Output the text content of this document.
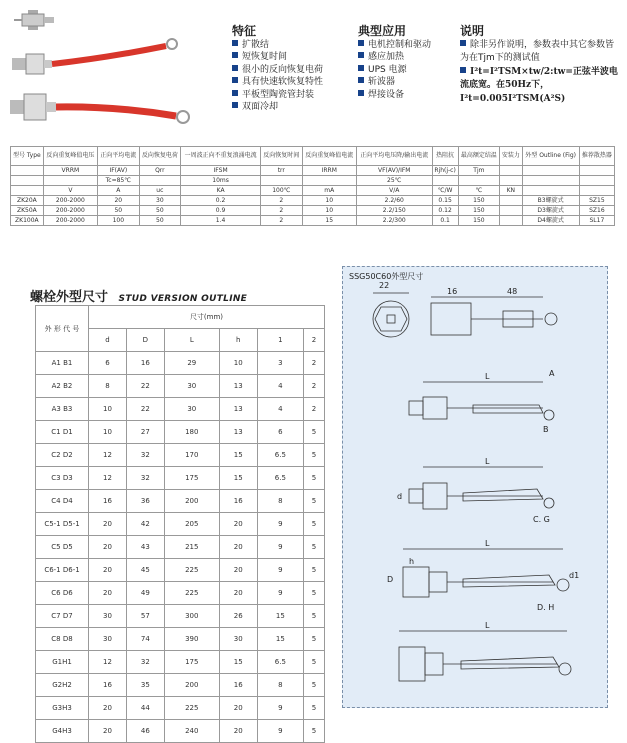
特征
扩散结
短恢复时间
很小的反向恢复电荷
具有快速软恢复特性
平板型陶瓷管封装
双面冷却
典型应用
电机控制和驱动
感应加热
UPS 电源
斩波器
焊接设备
说明

除非另作说明，参数表中其它参数皆为在Tjm下的测试值

I²t=I²TSM×tw/2:tw=正弦半波电流底宽。在50Hz下，

I²t=0.005I²TSM(A²S)

型号 Type	反向重复峰值电压	正向平均电流	反向恢复电荷	一周波正向不重复浪涌电流	反向恢复时间	反向重复峰值电流	正向平均电压降/输出电流	热阻抗	最高额定结温	安装力	外型 Outline (Fig)	推荐散热器
	VRRM	IF(AV)	Qrr	IFSM	trr	IRRM	VF(AV)/IFM	Rjh(j-c)	Tjm			
		Tc=85℃		10ms			25℃					
	V	A	uc	KA	100℃	mA	V/A	℃/W	℃	KN		
ZK20A	200-2000	20	30	0.2	2	10	2.2/60	0.15	150		B3螺旋式	SZ15
ZK50A	200-2000	50	50	0.9	2	10	2.2/150	0.12	150		D3螺旋式	SZ16
ZK100A	200-2000	100	50	1.4	2	15	2.2/300	0.1	150		D4螺旋式	SL17
螺栓外型尺寸 STUD VERSION OUTLINE
外 形 代 号	尺寸(mm)					
	d	D	L	h	1	2
A1 B1	6	16	29	10	3	2
A2 B2	8	22	30	13	4	2
A3 B3	10	22	30	13	4	2
C1 D1	10	27	180	13	6	5
C2 D2	12	32	170	15	6.5	5
C3 D3	12	32	175	15	6.5	5
C4 D4	16	36	200	16	8	5
C5-1 D5-1	20	42	205	20	9	5
C5 D5	20	43	215	20	9	5
C6-1 D6-1	20	45	225	20	9	5
C6 D6	20	49	225	20	9	5
C7 D7	30	57	300	26	15	5
C8 D8	30	74	390	30	15	5
G1H1	12	32	175	15	6.5	5
G2H2	16	35	200	16	8	5
G3H3	20	44	225	20	9	5
G4H3	20	46	240	20	9	5
SSG50C60外型尺寸
22
16	48
A
L
B
L
C. G
L
D. H
L
D
d
h
d1
